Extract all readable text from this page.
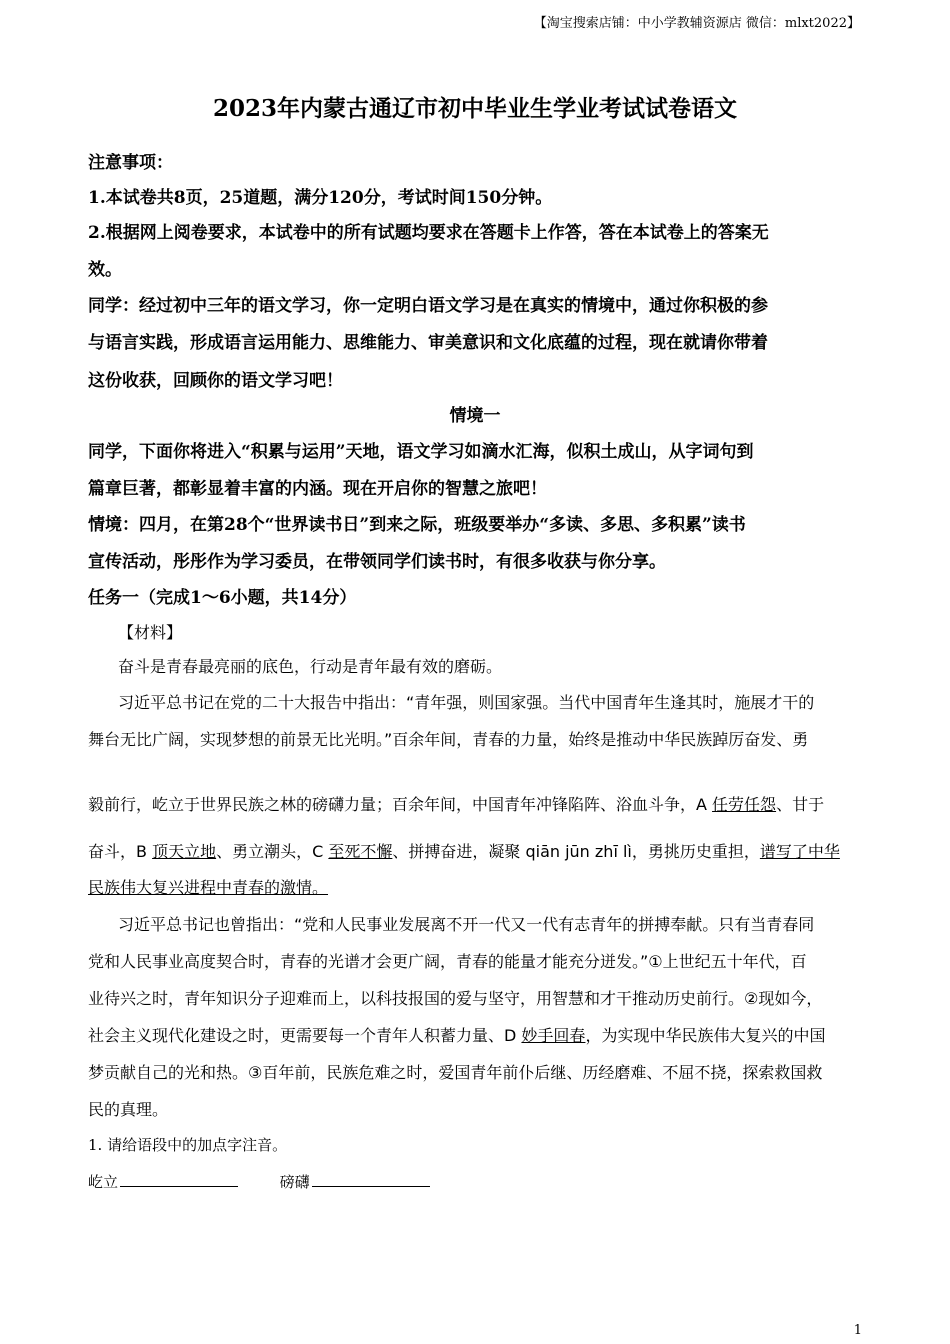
【淘宝搜索店铺：中小学教辅资源店 微信：mlxt2022】
2023年内蒙古通辽市初中毕业生学业考试试卷语文
注意事项：
1.本试卷共8页，25道题，满分120分，考试时间150分钟。
2.根据网上阅卷要求，本试卷中的所有试题均要求在答题卡上作答，答在本试卷上的答案无
效。
同学：经过初中三年的语文学习，你一定明白语文学习是在真实的情境中，通过你积极的参
与语言实践，形成语言运用能力、思维能力、审美意识和文化底蕴的过程，现在就请你带着
这份收获，回顾你的语文学习吧！
情境一
同学，下面你将进入“积累与运用”天地，语文学习如滴水汇海，似积土成山，从字词句到
篇章巨著，都彰显着丰富的内涵。现在开启你的智慧之旅吧！
情境：四月，在第28个“世界读书日”到来之际，班级要举办“多读、多思、多积累”读书
宣传活动，彤彤作为学习委员，在带领同学们读书时，有很多收获与你分享。
任务一（完成1～6小题，共14分）
【材料】
奋斗是青春最亮丽的底色，行动是青年最有效的磨砺。
习近平总书记在党的二十大报告中指出：“青年强，则国家强。当代中国青年生逢其时，施展才干的
舞台无比广阔，实现梦想的前景无比光明。”百余年间，青春的力量，始终是推动中华民族踔厉奋发、勇
毅前行，屹立于世界民族之林的磅礴力量；百余年间，中国青年冲锋陷阵、浴血斗争，A 任劳任怨、甘于
奋斗，B 顶天立地、勇立潮头，C 至死不懈、拼搏奋进，凝聚 qiān jūn zhī lì，勇挑历史重担，谱写了中华
民族伟大复兴进程中青春的激情。
习近平总书记也曾指出：“党和人民事业发展离不开一代又一代有志青年的拼搏奉献。只有当青春同
党和人民事业高度契合时，青春的光谱才会更广阔，青春的能量才能充分迸发。”①上世纪五十年代，百
业待兴之时，青年知识分子迎难而上，以科技报国的爱与坚守，用智慧和才干推动历史前行。②现如今，
社会主义现代化建设之时，更需要每一个青年人积蓄力量、D 妙手回春，为实现中华民族伟大复兴的中国
梦贡献自己的光和热。③百年前，民族危难之时，爱国青年前仆后继、历经磨难、不屈不挠，探索救国救
民的真理。
1. 请给语段中的加点字注音。
屹立	磅礴
1
